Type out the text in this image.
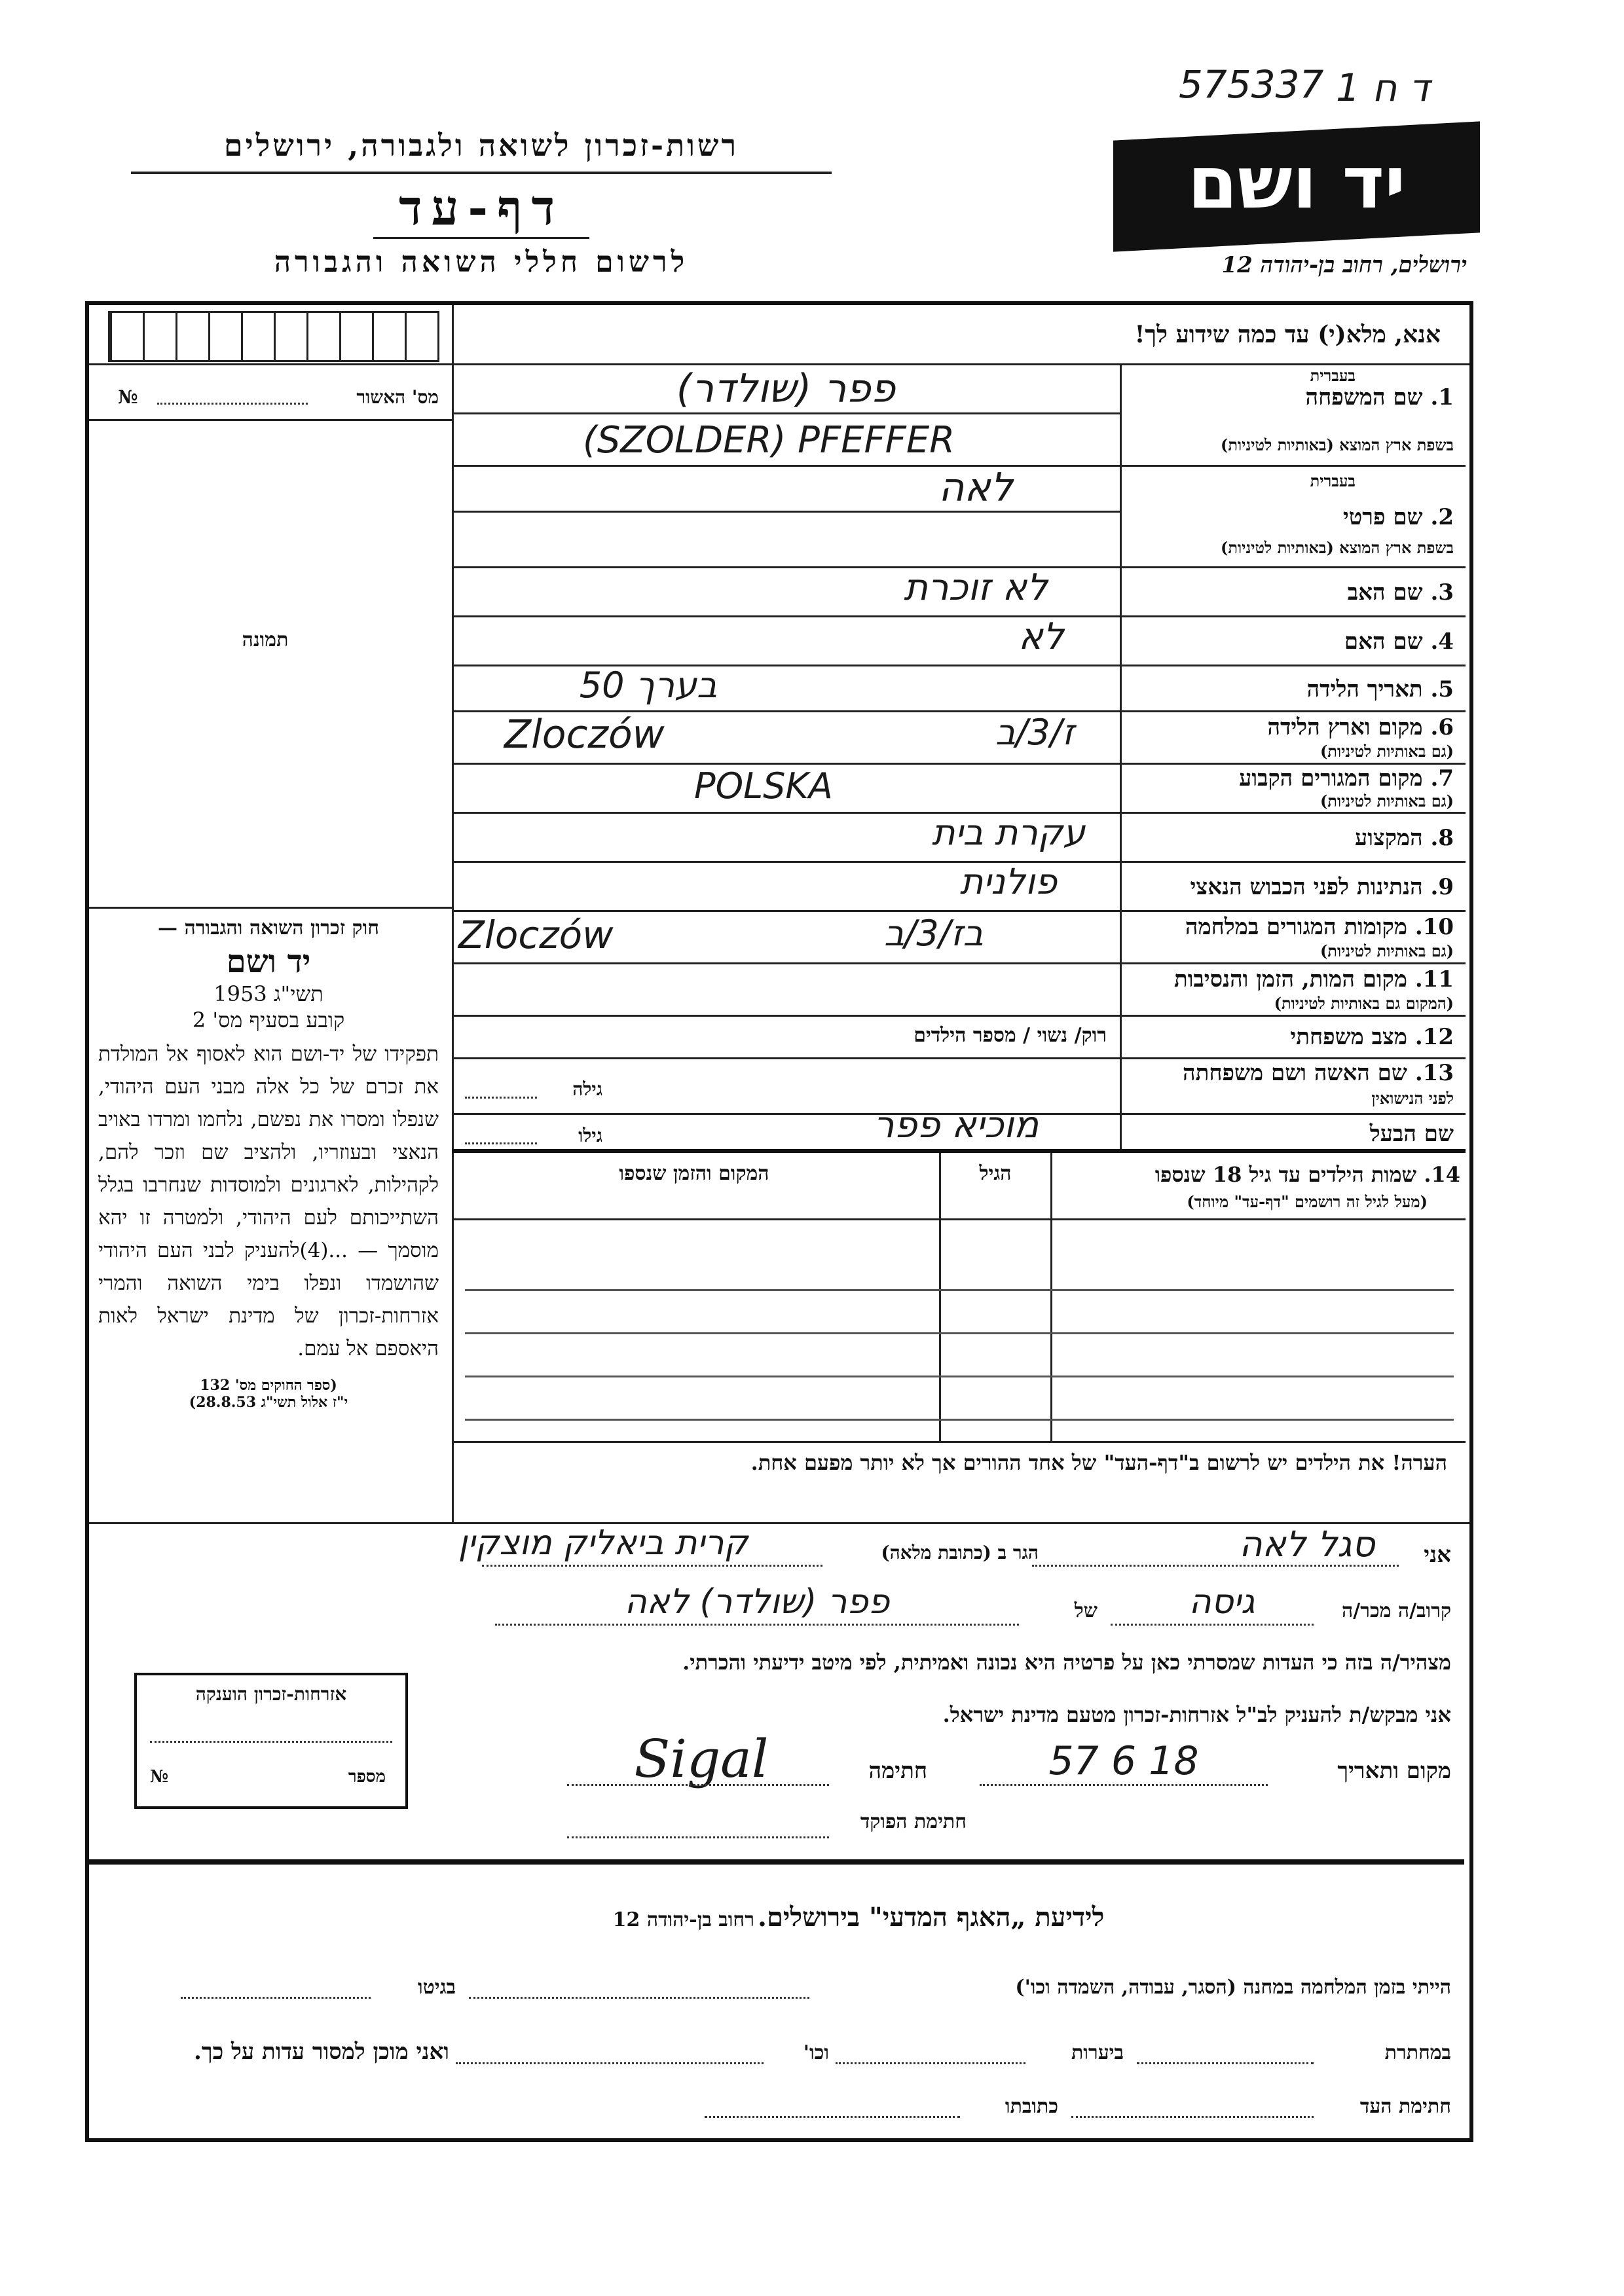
575337 ד ח 1
רשות-זכרון לשואה ולגבורה, ירושלים
דף-עד
לרשום חללי השואה והגבורה
יד ושם
ירושלים, רחוב בן-יהודה 12
אנא, מלא(י) עד כמה שידוע לך!
מס' האשור
№
תמונה
1. שם המשפחה
בעברית
בשפת ארץ המוצא (באותיות לטיניות)
פפר (שולדר)
(SZOLDER) PFEFFER
בעברית
2. שם פרטי
בשפת ארץ המוצא (באותיות לטיניות)
לאה
3. שם האב
לא זוכרת
4. שם האם
לא
5. תאריך הלידה
בערך 50
6. מקום וארץ הלידה
(גם באותיות לטיניות)
Zloczów	ז/3/ב
7. מקום המגורים הקבוע
(גם באותיות לטיניות)
POLSKA
8. המקצוע
עקרת בית
9. הנתינות לפני הכבוש הנאצי
פולנית
10. מקומות המגורים במלחמה
(גם באותיות לטיניות)
Zloczów	בז/3/ב
11. מקום המות, הזמן והנסיבות
(המקום גם באותיות לטיניות)
12. מצב משפחתי
רוק/ נשוי / מספר הילדים
13. שם האשה ושם משפחתה
לפני הנישואין
גילה
שם הבעל
מוכיא פפר
גילו
14. שמות הילדים עד גיל 18 שנספו
(מעל לגיל זה רושמים "דף-עד" מיוחד)
הגיל
המקום והזמן שנספו
הערה! את הילדים יש לרשום ב"דף-העד" של אחד ההורים אך לא יותר מפעם אחת.
חוק זכרון השואה והגבורה —
יד ושם
תשי"ג 1953
קובע בסעיף מס' 2
תפקידו של יד-ושם הוא לאסוף אל המולדת את זכרם של כל אלה מבני העם היהודי, שנפלו ומסרו את נפשם, נלחמו ומרדו באויב הנאצי ובעוזריו, ולהציב שם וזכר להם, לקהילות, לארגונים ולמוסדות שנחרבו בגלל השתייכותם לעם היהודי, ולמטרה זו יהא מוסמך — ...(4)להעניק לבני העם היהודי שהושמדו ונפלו בימי השואה והמרי אזרחות-זכרון של מדינת ישראל לאות היאספם אל עמם.
(ספר החוקים מס' 132
י"ז אלול תשי"ג 28.8.53)
אני
סגל לאה
הגר ב (כתובת מלאה)
קרית ביאליק מוצקין
קרוב/ה מכר/ה
גיסה
של
פפר (שולדר) לאה
מצהיר/ה בזה כי העדות שמסרתי כאן על פרטיה היא נכונה ואמיתית, לפי מיטב ידיעתי והכרתי.
אני מבקש/ת להעניק לב"ל אזרחות-זכרון מטעם מדינת ישראל.
מקום ותאריך
18 6 57
חתימה
Sigal
חתימת הפוקד
אזרחות-זכרון הוענקה
מספר
№
לידיעת „האגף המדעי" בירושלים. רחוב בן-יהודה 12
הייתי בזמן המלחמה במחנה (הסגר, עבודה, השמדה וכו')
בגיטו
במחתרת
ביערות
וכו'
ואני מוכן למסור עדות על כך.
חתימת העד
כתובתו
